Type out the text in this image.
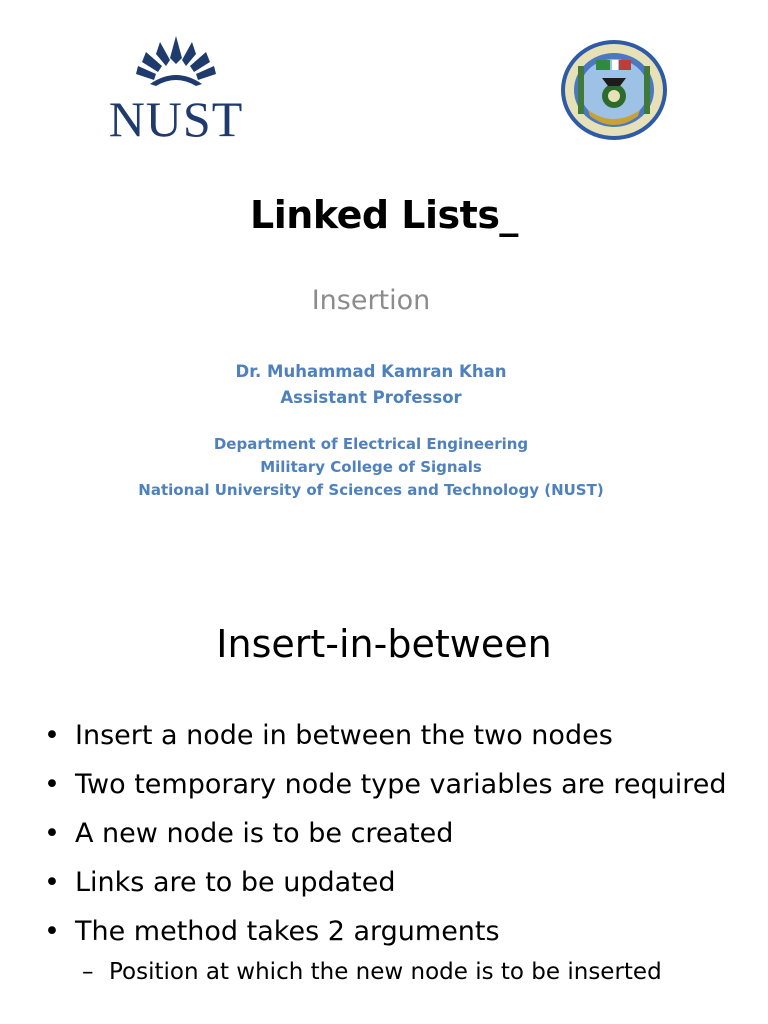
NUST
Linked Lists_
Insertion
Dr. Muhammad Kamran Khan
Assistant Professor
Department of Electrical Engineering
Military College of Signals
National University of Sciences and Technology (NUST)
Insert-in-between
• Insert a node in between the two nodes
• Two temporary node type variables are required
• A new node is to be created
• Links are to be updated
• The method takes 2 arguments
– Position at which the new node is to be inserted
